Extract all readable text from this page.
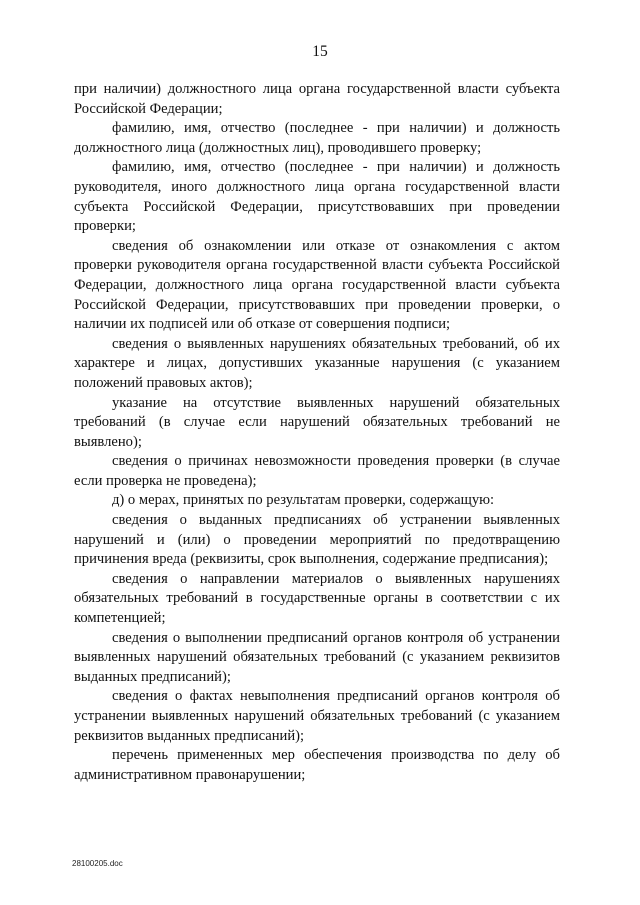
15

при наличии) должностного лица органа государственной власти субъекта Российской Федерации;

фамилию, имя, отчество (последнее - при наличии) и должность должностного лица (должностных лиц), проводившего проверку;

фамилию, имя, отчество (последнее - при наличии) и должность руководителя, иного должностного лица органа государственной власти субъекта Российской Федерации, присутствовавших при проведении проверки;

сведения об ознакомлении или отказе от ознакомления с актом проверки руководителя органа государственной власти субъекта Российской Федерации, должностного лица органа государственной власти субъекта Российской Федерации, присутствовавших при проведении проверки, о наличии их подписей или об отказе от совершения подписи;

сведения о выявленных нарушениях обязательных требований, об их характере и лицах, допустивших указанные нарушения (с указанием положений правовых актов);

указание на отсутствие выявленных нарушений обязательных требований (в случае если нарушений обязательных требований не выявлено);

сведения о причинах невозможности проведения проверки (в случае если проверка не проведена);

д) о мерах, принятых по результатам проверки, содержащую:

сведения о выданных предписаниях об устранении выявленных нарушений и (или) о проведении мероприятий по предотвращению причинения вреда (реквизиты, срок выполнения, содержание предписания);

сведения о направлении материалов о выявленных нарушениях обязательных требований в государственные органы в соответствии с их компетенцией;

сведения о выполнении предписаний органов контроля об устранении выявленных нарушений обязательных требований (с указанием реквизитов выданных предписаний);

сведения о фактах невыполнения предписаний органов контроля об устранении выявленных нарушений обязательных требований (с указанием реквизитов выданных предписаний);

перечень примененных мер обеспечения производства по делу об административном правонарушении;

28100205.doc
